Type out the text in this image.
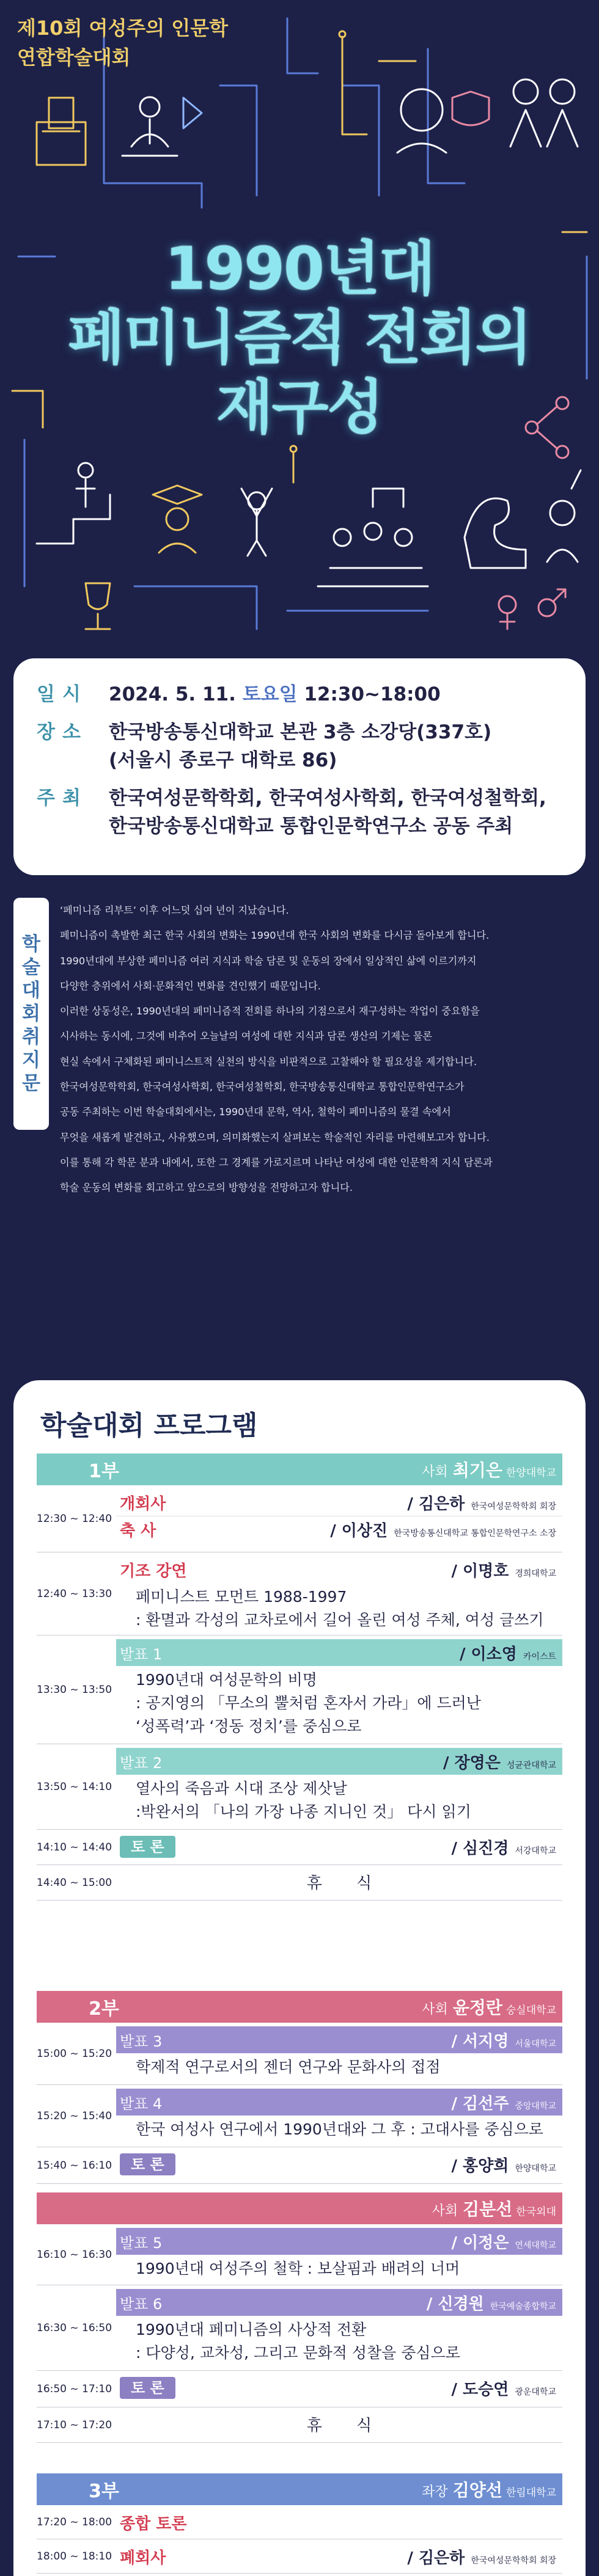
제10회 여성주의 인문학
연합학술대회
1990년대
페미니즘적 전회의
재구성
일시	2024. 5. 11. 토요일 12:30~18:00
장소	한국방송통신대학교 본관 3층 소강당(337호)
(서울시 종로구 대학로 86)
주최	한국여성문학학회, 한국여성사학회, 한국여성철학회,
한국방송통신대학교 통합인문학연구소 공동 주최
학
술
대
회
취
지
문

‘페미니즘 리부트’ 이후 어느덧 십여 년이 지났습니다.

페미니즘이 촉발한 최근 한국 사회의 변화는 1990년대 한국 사회의 변화를 다시금 돌아보게 합니다.

1990년대에 부상한 페미니즘 여러 지식과 학술 담론 및 운동의 장에서 일상적인 삶에 이르기까지

다양한 층위에서 사회·문화적인 변화를 견인했기 때문입니다.

이러한 상동성은, 1990년대의 페미니즘적 전회를 하나의 기점으로서 재구성하는 작업이 중요함을

시사하는 동시에, 그것에 비추어 오늘날의 여성에 대한 지식과 담론 생산의 기제는 물론

현실 속에서 구체화된 페미니스트적 실천의 방식을 비판적으로 고찰해야 할 필요성을 제기합니다.

한국여성문학학회, 한국여성사학회, 한국여성철학회, 한국방송통신대학교 통합인문학연구소가

공동 주최하는 이번 학술대회에서는, 1990년대 문학, 역사, 철학이 페미니즘의 물결 속에서

무엇을 새롭게 발견하고, 사유했으며, 의미화했는지 살펴보는 학술적인 자리를 마련해보고자 합니다.

이를 통해 각 학문 분과 내에서, 또한 그 경계를 가로지르며 나타난 여성에 대한 인문학적 지식 담론과

학술 운동의 변화를 회고하고 앞으로의 방향성을 전망하고자 합니다.

학술대회 프로그램
1부	사회 최기은 한양대학교
12:30 ~ 12:40
개회사	/ 김은하 한국여성문학학회 회장
축 사	/ 이상진 한국방송통신대학교 통합인문학연구소 소장
12:40 ~ 13:30
기조 강연	/ 이명호 경희대학교
페미니스트 모먼트 1988-1997
: 환멸과 각성의 교차로에서 길어 올린 여성 주체, 여성 글쓰기
13:30 ~ 13:50
발표 1	/ 이소영 카이스트
1990년대 여성문학의 비명
: 공지영의 「무소의 뿔처럼 혼자서 가라」에 드러난
‘성폭력’과 ‘정동 정치’를 중심으로
13:50 ~ 14:10
발표 2	/ 장영은 성균관대학교
열사의 죽음과 시대 조상 제삿날
:박완서의 「나의 가장 나종 지니인 것」 다시 읽기
14:10 ~ 14:40	토 론	/ 심진경 서강대학교
14:40 ~ 15:00	휴 식
2부	사회 윤정란 숭실대학교
15:00 ~ 15:20
발표 3	/ 서지영 서울대학교
학제적 연구로서의 젠더 연구와 문화사의 접점
15:20 ~ 15:40
발표 4	/ 김선주 중앙대학교
한국 여성사 연구에서 1990년대와 그 후 : 고대사를 중심으로
15:40 ~ 16:10	토 론	/ 홍양희 한양대학교
사회 김분선 한국외대
16:10 ~ 16:30
발표 5	/ 이정은 연세대학교
1990년대 여성주의 철학 : 보살핌과 배려의 너머
16:30 ~ 16:50
발표 6	/ 신경원 한국예술종합학교
1990년대 페미니즘의 사상적 전환
: 다양성, 교차성, 그리고 문화적 성찰을 중심으로
16:50 ~ 17:10	토 론	/ 도승연 광운대학교
17:10 ~ 17:20	휴 식
3부	좌장 김양선 한림대학교
17:20 ~ 18:00 종합 토론
18:00 ~ 18:10 폐회사	/ 김은하 한국여성문학학회 회장
